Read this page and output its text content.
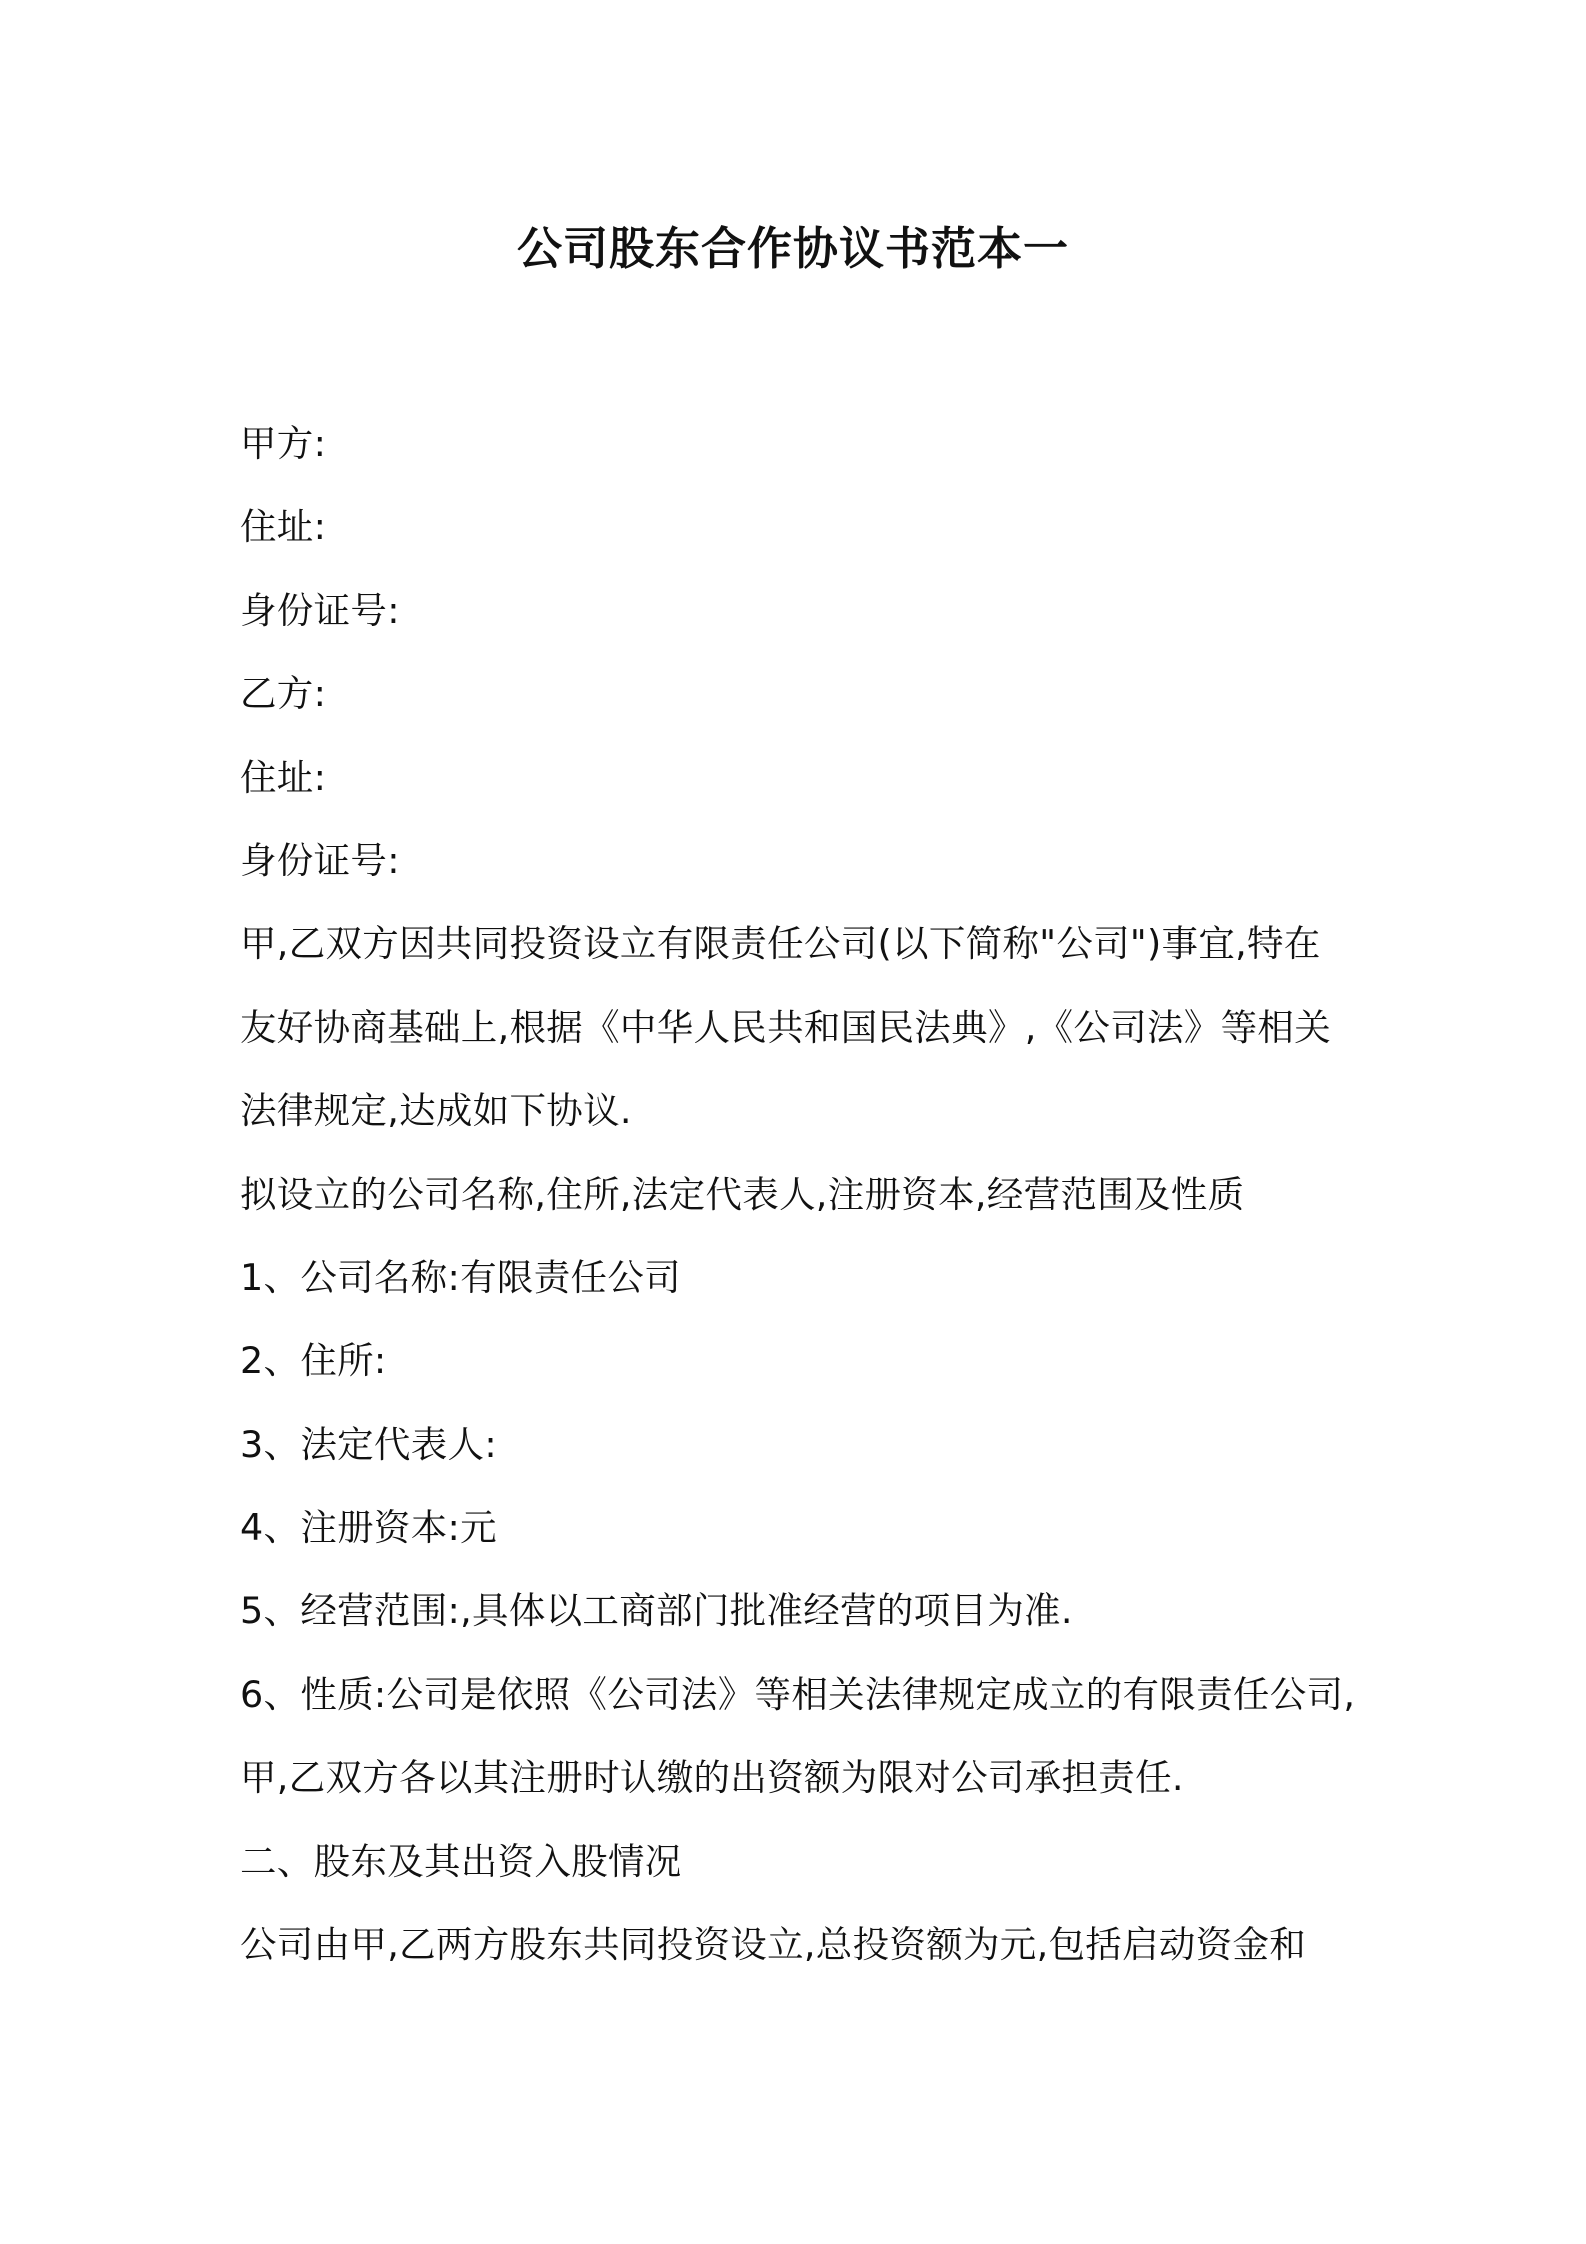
公司股东合作协议书范本一
甲方:
住址:
身份证号:
乙方:
住址:
身份证号:
甲,乙双方因共同投资设立有限责任公司(以下简称"公司")事宜,特在
友好协商基础上,根据《中华人民共和国民法典》,《公司法》等相关
法律规定,达成如下协议.
拟设立的公司名称,住所,法定代表人,注册资本,经营范围及性质
1、公司名称:有限责任公司
2、住所:
3、法定代表人:
4、注册资本:元
5、经营范围:,具体以工商部门批准经营的项目为准.
6、性质:公司是依照《公司法》等相关法律规定成立的有限责任公司,
甲,乙双方各以其注册时认缴的出资额为限对公司承担责任.
二、股东及其出资入股情况
公司由甲,乙两方股东共同投资设立,总投资额为元,包括启动资金和
